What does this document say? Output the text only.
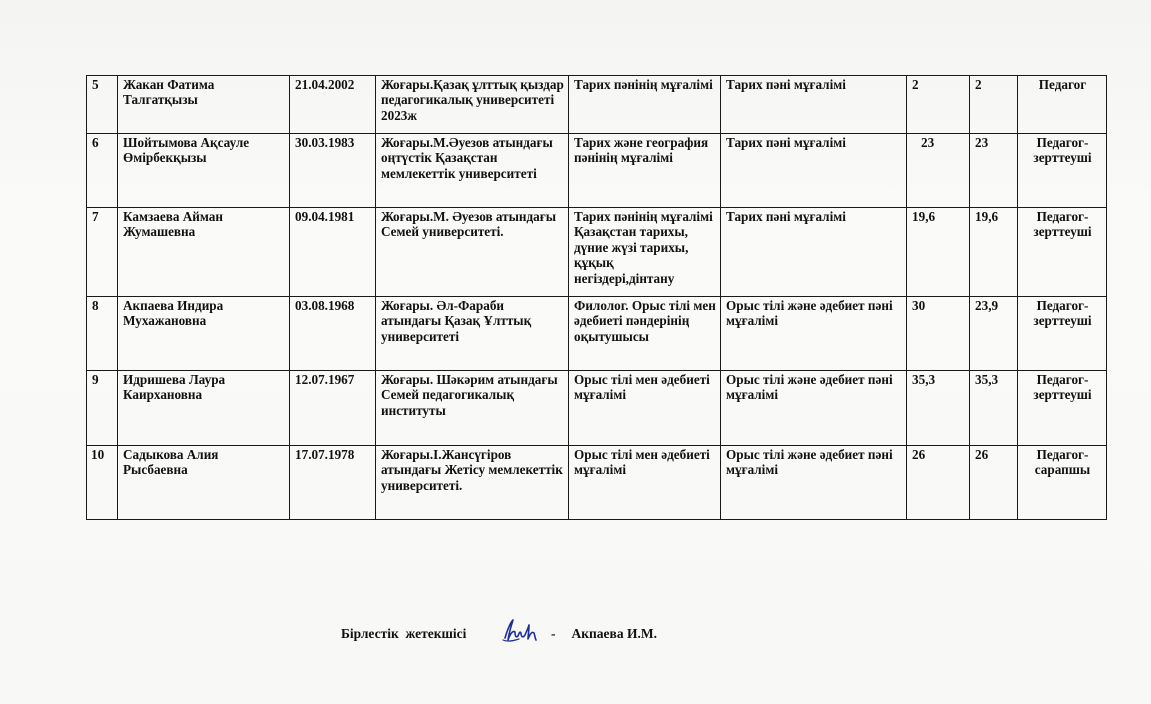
5	Жакан Фатима Талгатқызы	21.04.2002	Жоғары.Қазақ ұлттық қыздар педагогикалық университеті 2023ж	Тарих пәнінің мұғалімі	Тарих пәні мұғалімі	2	2	Педагог
6	Шойтымова Ақсауле Өмірбекқызы	30.03.1983	Жоғары.М.Әуезов атындағы оңтүстік Қазақстан мемлекеттік университеті	Тарих және география пәнінің мұғалімі	Тарих пәні мұғалімі	23	23	Педагог-зерттеуші
7	Камзаева Айман Жумашевна	09.04.1981	Жоғары.М. Әуезов атындағы Семей университеті.	Тарих пәнінің мұғалімі Қазақстан тарихы, дүние жүзі тарихы, құқық негіздері,дінтану	Тарих пәні мұғалімі	19,6	19,6	Педагог-зерттеуші
8	Акпаева Индира Мухажановна	03.08.1968	Жоғары. Әл-Фараби атындағы Қазақ Ұлттық университеті	Филолог. Орыс тілі мен әдебиеті пәндерінің оқытушысы	Орыс тілі және әдебиет пәні мұғалімі	30	23,9	Педагог-зерттеуші
9	Идришева Лаура Каирхановна	12.07.1967	Жоғары. Шәкәрим атындағы Семей педагогикалық институты	Орыс тілі мен әдебиеті мұғалімі	Орыс тілі және әдебиет пәні мұғалімі	35,3	35,3	Педагог-зерттеуші
10	Садыкова Алия Рысбаевна	17.07.1978	Жоғары.І.Жансүгіров атындағы Жетісу мемлекеттік университеті.	Орыс тілі мен әдебиеті мұғалімі	Орыс тілі және әдебиет пәні мұғалімі	26	26	Педагог-сарапшы
Бірлестік  жетекшісі	- Акпаева И.М.
